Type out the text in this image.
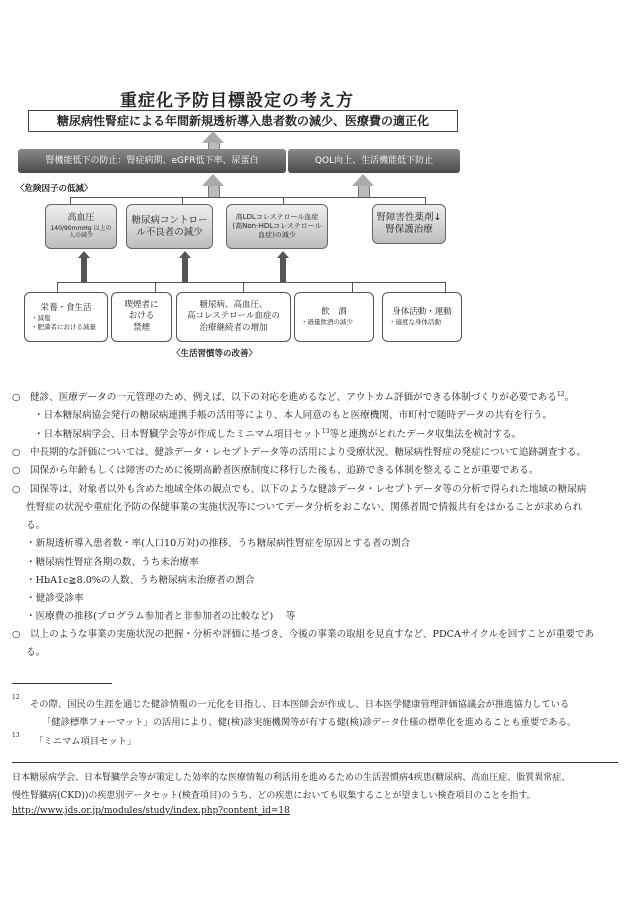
重症化予防目標設定の考え方
糖尿病性腎症による年間新規透析導入患者数の減少、医療費の適正化
腎機能低下の防止：腎症病期、eGFR低下率、尿蛋白	QOL向上、生活機能低下防止
〈危険因子の低減〉
高血圧
140/90mmHg 以上の
人の減少
糖尿病コントロー
ル不良者の減少
高LDLコレステロール血症
(高Non-HDLコレステロール
血症)の減少
腎障害性薬剤↓
腎保護治療
栄養・食生活
・減塩
・肥満者における減量
喫煙者に
おける
禁煙
糖尿病、高血圧、
高コレステロール血症の
治療継続者の増加
飲　酒
・過量飲酒の減少
身体活動・運動
・適度な身体活動
〈生活習慣等の改善〉
○　健診、医療データの一元管理のため、例えば、以下の対応を進めるなど、アウトカム評価ができる体制づくりが必要である$^{12}$。
・日本糖尿病協会発行の糖尿病連携手帳の活用等により、本人同意のもと医療機関、市町村で随時データの共有を行う。
・日本糖尿病学会、日本腎臓学会等が作成したミニマム項目セット$^{13}$等と連携がとれたデータ収集法を検討する。
○　中長期的な評価については、健診データ・レセプトデータ等の活用により受療状況、糖尿病性腎症の発症について追跡調査する。
○　国保から年齢もしくは障害のために後期高齢者医療制度に移行した後も、追跡できる体制を整えることが重要である。
○　国保等は、対象者以外も含めた地域全体の観点でも、以下のような健診データ・レセプトデータ等の分析で得られた地域の糖尿病
性腎症の状況や重症化予防の保健事業の実施状況等についてデータ分析をおこない、関係者間で情報共有をはかることが求められ
る。
・新規透析導入患者数・率(人口10万対)の推移、うち糖尿病性腎症を原因とする者の割合
・糖尿病性腎症各期の数、うち未治療率
・HbA1c≧8.0%の人数、うち糖尿病未治療者の割合
・健診受診率
・医療費の推移(プログラム参加者と非参加者の比較など)　 等
○　以上のような事業の実施状況の把握・分析や評価に基づき、今後の事業の取組を見直すなど、PDCAサイクルを回すことが重要であ
る。
12
その際、国民の生涯を通じた健診情報の一元化を目指し、日本医師会が作成し、日本医学健康管理評価協議会が推進協力している
「健診標準フォーマット」の活用により、健(検)診実施機関等が有する健(検)診データ仕様の標準化を進めることも重要である。
13
「ミニマム項目セット」
日本糖尿病学会、日本腎臓学会等が策定した効率的な医療情報の利活用を進めるための生活習慣病4疾患(糖尿病、高血圧症、脂質異常症、
慢性腎臓病(CKD))の疾患別データセット(検査項目)のうち、どの疾患においても収集することが望ましい検査項目のことを指す。
http://www.jds.or.jp/modules/study/index.php?content_id=18
